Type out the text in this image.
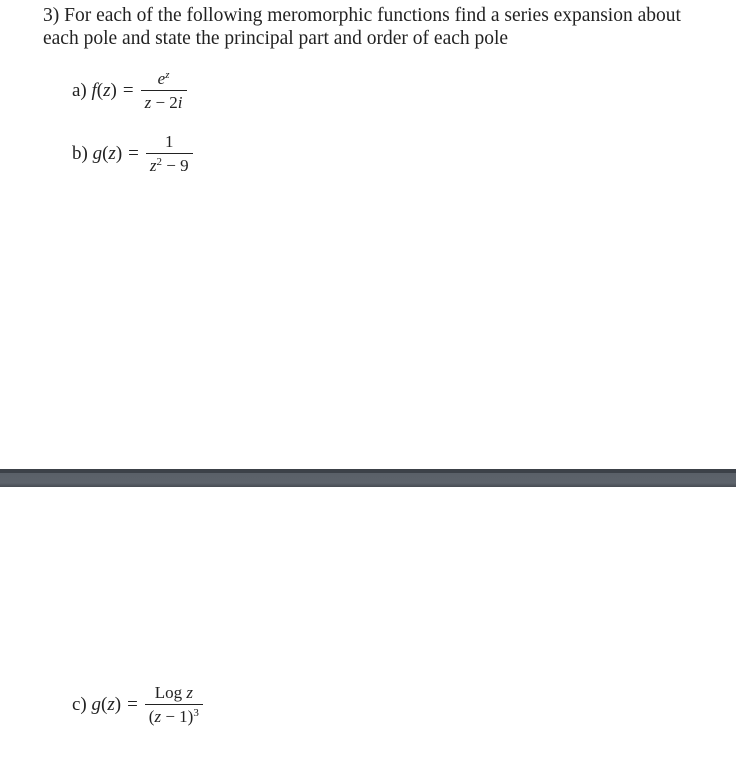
3) For each of the following meromorphic functions find a series expansion about each pole and state the principal part and order of each pole
a) f $(z) = \frac{e^z}{z - 2i}$
b) g $(z) = \frac{1}{z^2 - 9}$
c) g $(z) = \frac{\text{Log z}}{(z - 1)^3}$
